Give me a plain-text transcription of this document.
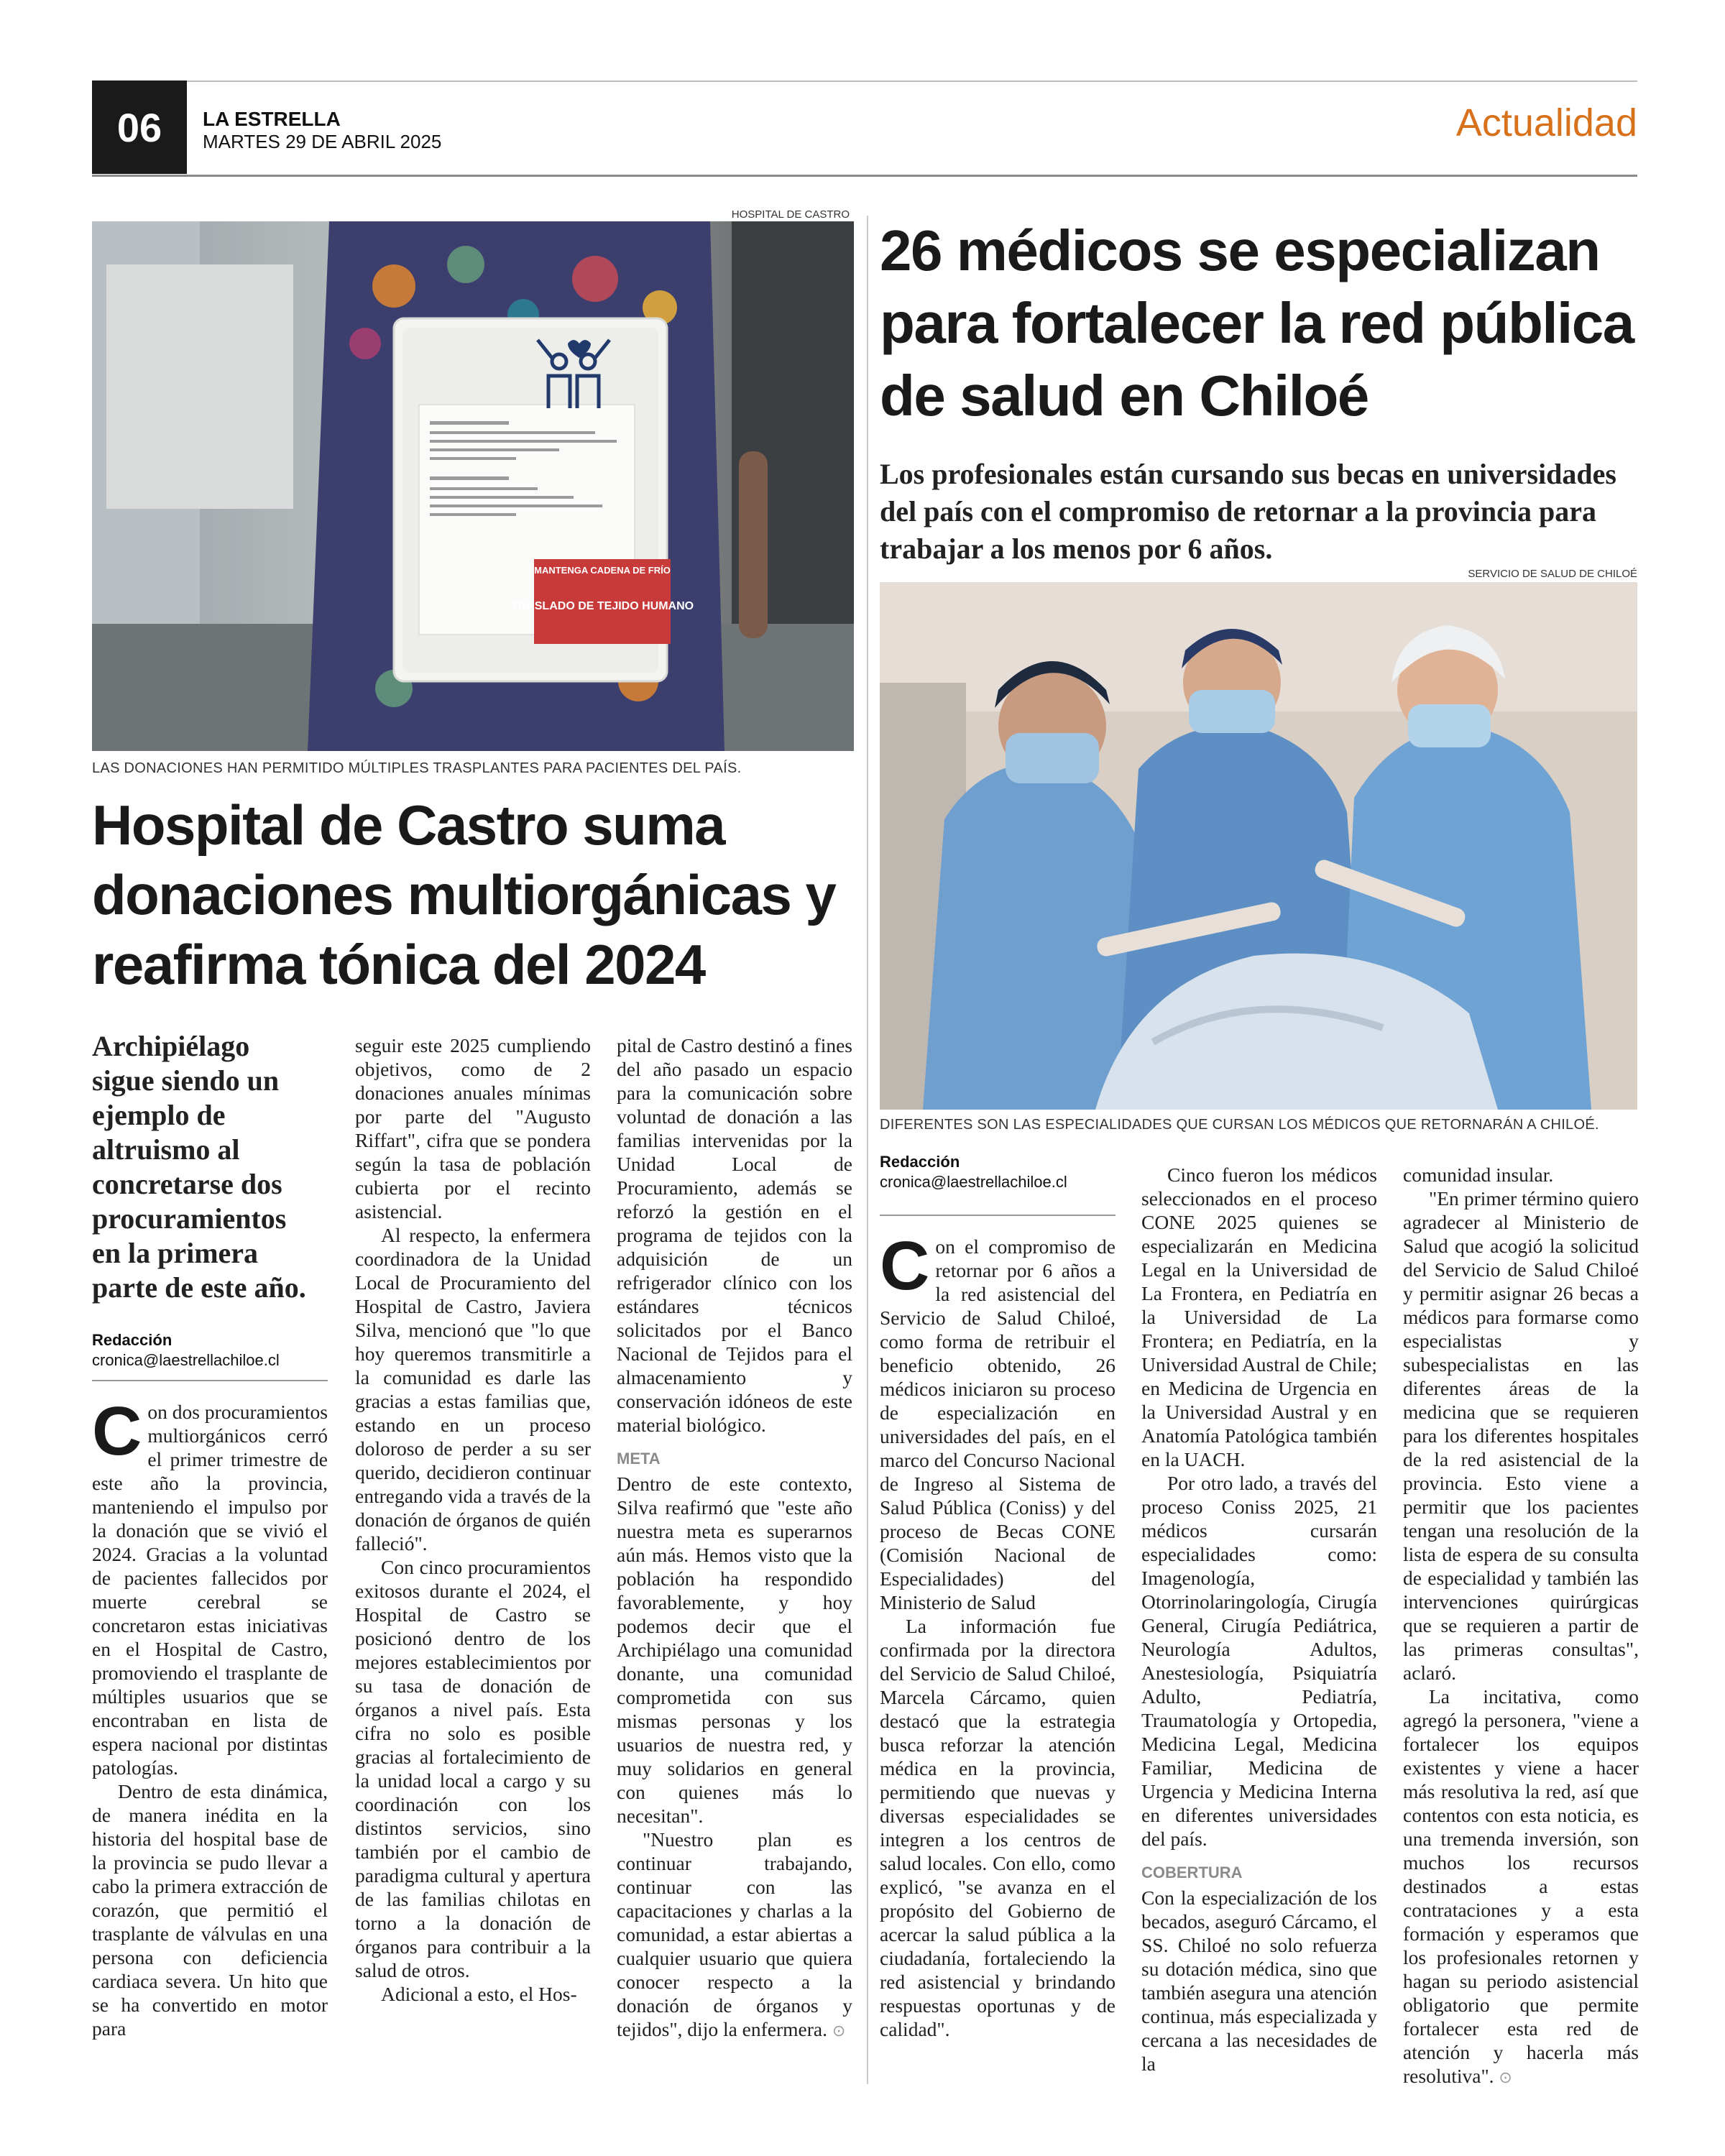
06	LA ESTRELLA
MARTES 29 DE ABRIL 2025	Actualidad
HOSPITAL DE CASTRO
MANTENGA CADENA DE FRÍO
TRASLADO DE TEJIDO HUMANO
LAS DONACIONES HAN PERMITIDO MÚLTIPLES TRASPLANTES PARA PACIENTES DEL PAÍS.
Hospital de Castro suma donaciones multiorgánicas y reafirma tónica del 2024
Archipiélago sigue siendo un ejemplo de altruismo al concretarse dos procuramientos en la primera parte de este año.
Redacción
cronica@laestrellachiloe.cl

Con dos procuramientos multiorgánicos cerró el primer trimestre de este año la provincia, manteniendo el impulso por la donación que se vivió el 2024. Gracias a la voluntad de pacientes fallecidos por muerte cerebral se concretaron estas iniciativas en el Hospital de Castro, promoviendo el trasplante de múltiples usuarios que se encontraban en lista de espera nacional por distintas patologías.

Dentro de esta dinámica, de manera inédita en la historia del hospital base de la provincia se pudo llevar a cabo la primera extracción de corazón, que permitió el trasplante de válvulas en una persona con deficiencia cardiaca severa. Un hito que se ha convertido en motor para

seguir este 2025 cumpliendo objetivos, como de 2 donaciones anuales mínimas por parte del "Augusto Riffart", cifra que se pondera según la tasa de población cubierta por el recinto asistencial.

Al respecto, la enfermera coordinadora de la Unidad Local de Procuramiento del Hospital de Castro, Javiera Silva, mencionó que "lo que hoy queremos transmitirle a la comunidad es darle las gracias a estas familias que, estando en un proceso doloroso de perder a su ser querido, decidieron continuar entregando vida a través de la donación de órganos de quién falleció".

Con cinco procuramientos exitosos durante el 2024, el Hospital de Castro se posicionó dentro de los mejores establecimientos por su tasa de donación de órganos a nivel país. Esta cifra no solo es posible gracias al fortalecimiento de la unidad local a cargo y su coordinación con los distintos servicios, sino también por el cambio de paradigma cultural y apertura de las familias chilotas en torno a la donación de órganos para contribuir a la salud de otros.

Adicional a esto, el Hos-

pital de Castro destinó a fines del año pasado un espacio para la comunicación sobre voluntad de donación a las familias intervenidas por la Unidad Local de Procuramiento, además se reforzó la gestión en el programa de tejidos con la adquisición de un refrigerador clínico con los estándares técnicos solicitados por el Banco Nacional de Tejidos para el almacenamiento y conservación idóneos de este material biológico.

META

Dentro de este contexto, Silva reafirmó que "este año nuestra meta es superarnos aún más. Hemos visto que la población ha respondido favorablemente, y hoy podemos decir que el Archipiélago una comunidad donante, una comunidad comprometida con sus mismas personas y los usuarios de nuestra red, y muy solidarios en general con quienes más lo necesitan".

"Nuestro plan es continuar trabajando, continuar con las capacitaciones y charlas a la comunidad, a estar abiertas a cualquier usuario que quiera conocer respecto a la donación de órganos y tejidos", dijo la enfermera. ⊙

26 médicos se especializan para fortalecer la red pública de salud en Chiloé
Los profesionales están cursando sus becas en universidades del país con el compromiso de retornar a la provincia para trabajar a los menos por 6 años.
SERVICIO DE SALUD DE CHILOÉ
DIFERENTES SON LAS ESPECIALIDADES QUE CURSAN LOS MÉDICOS QUE RETORNARÁN A CHILOÉ.
Redacción
cronica@laestrellachiloe.cl

Con el compromiso de retornar por 6 años a la red asistencial del Servicio de Salud Chiloé, como forma de retribuir el beneficio obtenido, 26 médicos iniciaron su proceso de especialización en universidades del país, en el marco del Concurso Nacional de Ingreso al Sistema de Salud Pública (Coniss) y del proceso de Becas CONE (Comisión Nacional de Especialidades) del Ministerio de Salud

La información fue confirmada por la directora del Servicio de Salud Chiloé, Marcela Cárcamo, quien destacó que la estrategia busca reforzar la atención médica en la provincia, permitiendo que nuevas y diversas especialidades se integren a los centros de salud locales. Con ello, como explicó, "se avanza en el propósito del Gobierno de acercar la salud pública a la ciudadanía, fortaleciendo la red asistencial y brindando respuestas oportunas y de calidad".

Cinco fueron los médicos seleccionados en el proceso CONE 2025 quienes se especializarán en Medicina Legal en la Universidad de La Frontera, en Pediatría en la Universidad de La Frontera; en Pediatría, en la Universidad Austral de Chile; en Medicina de Urgencia en la Universidad Austral y en Anatomía Patológica también en la UACH.

Por otro lado, a través del proceso Coniss 2025, 21 médicos cursarán especialidades como: Imagenología, Otorrinolaringología, Cirugía General, Cirugía Pediátrica, Neurología Adultos, Anestesiología, Psiquiatría Adulto, Pediatría, Traumatología y Ortopedia, Medicina Legal, Medicina Familiar, Medicina de Urgencia y Medicina Interna en diferentes universidades del país.

COBERTURA

Con la especialización de los becados, aseguró Cárcamo, el SS. Chiloé no solo refuerza su dotación médica, sino que también asegura una atención continua, más especializada y cercana a las necesidades de la

comunidad insular.

"En primer término quiero agradecer al Ministerio de Salud que acogió la solicitud del Servicio de Salud Chiloé y permitir asignar 26 becas a médicos para formarse como especialistas y subespecialistas en las diferentes áreas de la medicina que se requieren para los diferentes hospitales de la red asistencial de la provincia. Esto viene a permitir que los pacientes tengan una resolución de la lista de espera de su consulta de especialidad y también las intervenciones quirúrgicas que se requieren a partir de las primeras consultas", aclaró.

La incitativa, como agregó la personera, "viene a fortalecer los equipos existentes y viene a hacer más resolutiva la red, así que contentos con esta noticia, es una tremenda inversión, son muchos los recursos destinados a estas contrataciones y a esta formación y esperamos que los profesionales retornen y hagan su periodo asistencial obligatorio que permite fortalecer esta red de atención y hacerla más resolutiva". ⊙
